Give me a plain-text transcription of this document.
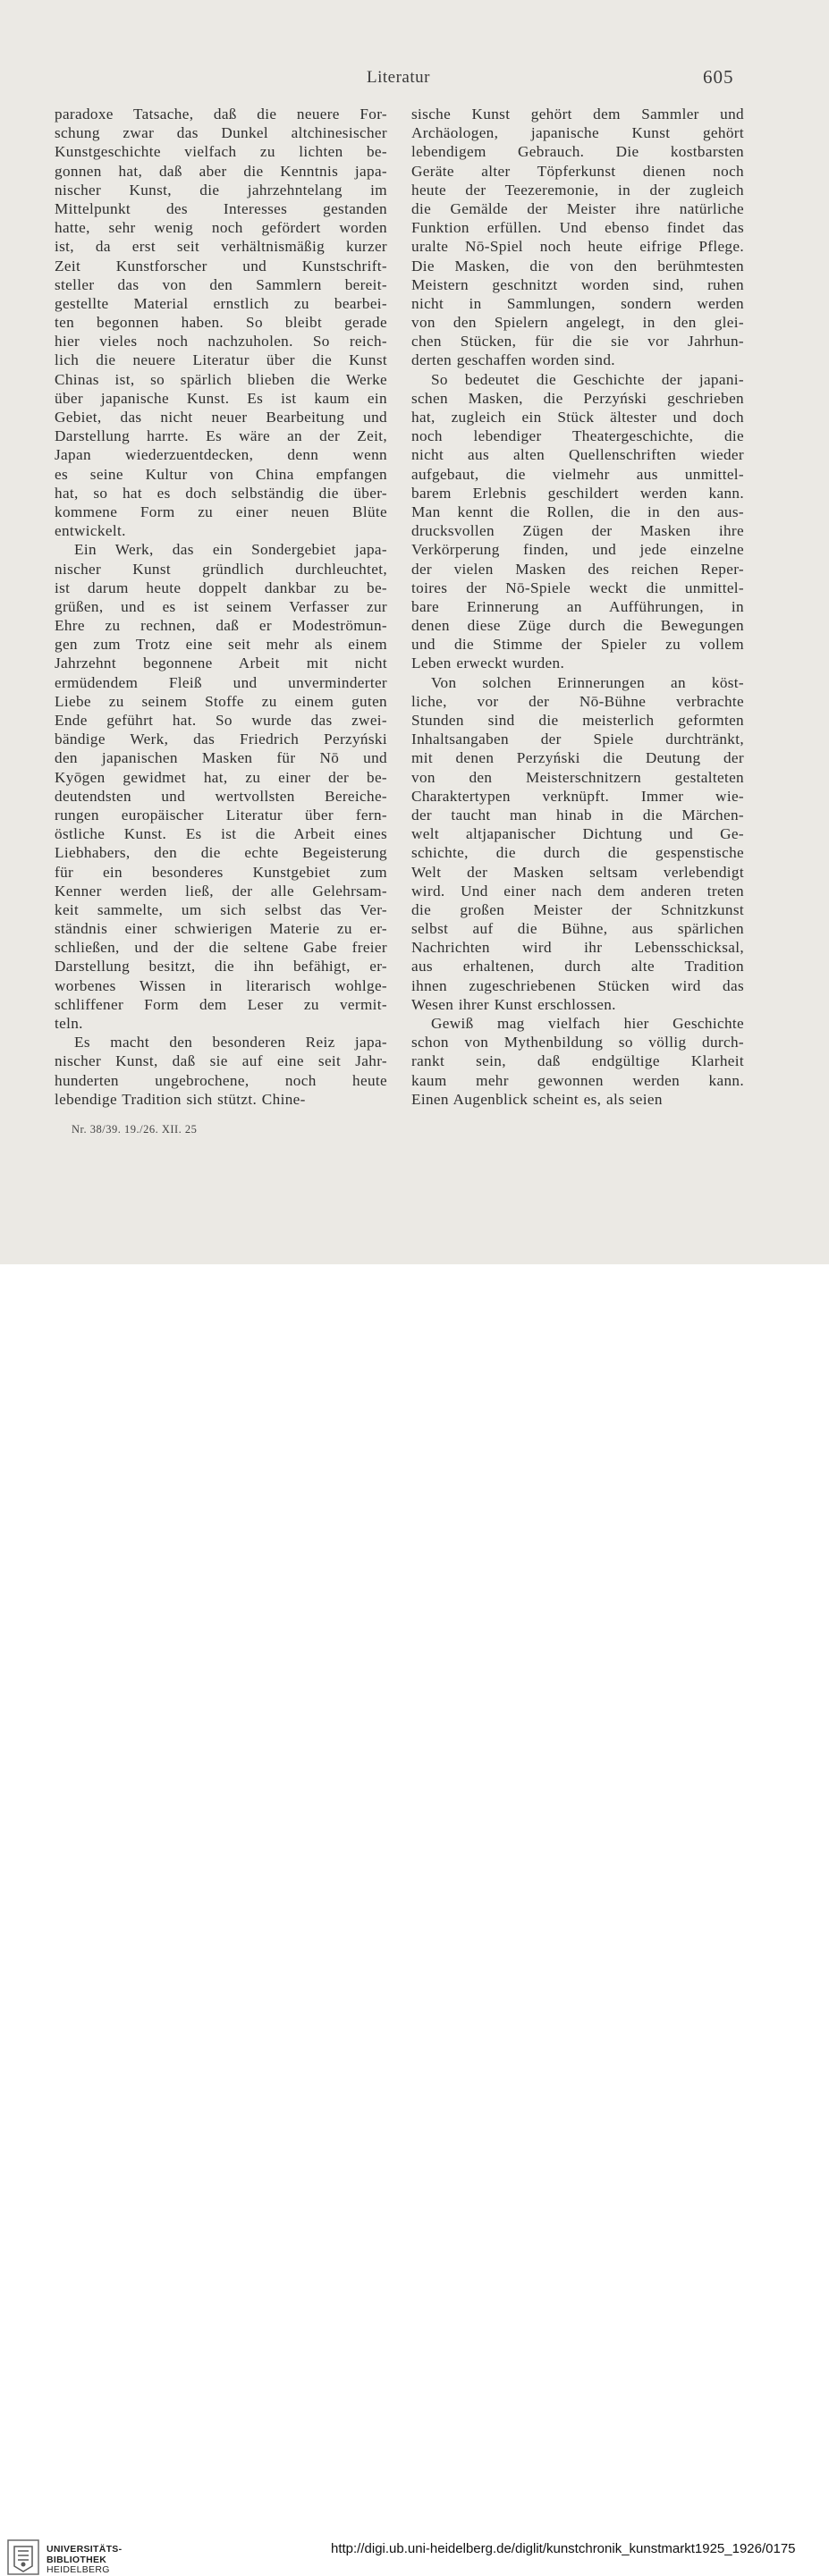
Literatur	605
paradoxe Tatsache, daß die neuere For-
schung zwar das Dunkel altchinesischer
Kunstgeschichte vielfach zu lichten be-
gonnen hat, daß aber die Kenntnis japa-
nischer Kunst, die jahrzehntelang im
Mittelpunkt des Interesses gestanden
hatte, sehr wenig noch gefördert worden
ist, da erst seit verhältnismäßig kurzer
Zeit Kunstforscher und Kunstschrift-
steller das von den Sammlern bereit-
gestellte Material ernstlich zu bearbei-
ten begonnen haben. So bleibt gerade
hier vieles noch nachzuholen. So reich-
lich die neuere Literatur über die Kunst
Chinas ist, so spärlich blieben die Werke
über japanische Kunst. Es ist kaum ein
Gebiet, das nicht neuer Bearbeitung und
Darstellung harrte. Es wäre an der Zeit,
Japan wiederzuentdecken, denn wenn
es seine Kultur von China empfangen
hat, so hat es doch selbständig die über-
kommene Form zu einer neuen Blüte
entwickelt.
Ein Werk, das ein Sondergebiet japa-
nischer Kunst gründlich durchleuchtet,
ist darum heute doppelt dankbar zu be-
grüßen, und es ist seinem Verfasser zur
Ehre zu rechnen, daß er Modeströmun-
gen zum Trotz eine seit mehr als einem
Jahrzehnt begonnene Arbeit mit nicht
ermüdendem Fleiß und unverminderter
Liebe zu seinem Stoffe zu einem guten
Ende geführt hat. So wurde das zwei-
bändige Werk, das Friedrich Perzyński
den japanischen Masken für Nō und
Kyōgen gewidmet hat, zu einer der be-
deutendsten und wertvollsten Bereiche-
rungen europäischer Literatur über fern-
östliche Kunst. Es ist die Arbeit eines
Liebhabers, den die echte Begeisterung
für ein besonderes Kunstgebiet zum
Kenner werden ließ, der alle Gelehrsam-
keit sammelte, um sich selbst das Ver-
ständnis einer schwierigen Materie zu er-
schließen, und der die seltene Gabe freier
Darstellung besitzt, die ihn befähigt, er-
worbenes Wissen in literarisch wohlge-
schliffener Form dem Leser zu vermit-
teln.
Es macht den besonderen Reiz japa-
nischer Kunst, daß sie auf eine seit Jahr-
hunderten ungebrochene, noch heute
lebendige Tradition sich stützt. Chine-
sische Kunst gehört dem Sammler und
Archäologen, japanische Kunst gehört
lebendigem Gebrauch. Die kostbarsten
Geräte alter Töpferkunst dienen noch
heute der Teezeremonie, in der zugleich
die Gemälde der Meister ihre natürliche
Funktion erfüllen. Und ebenso findet das
uralte Nō-Spiel noch heute eifrige Pflege.
Die Masken, die von den berühmtesten
Meistern geschnitzt worden sind, ruhen
nicht in Sammlungen, sondern werden
von den Spielern angelegt, in den glei-
chen Stücken, für die sie vor Jahrhun-
derten geschaffen worden sind.
So bedeutet die Geschichte der japani-
schen Masken, die Perzyński geschrieben
hat, zugleich ein Stück ältester und doch
noch lebendiger Theatergeschichte, die
nicht aus alten Quellenschriften wieder
aufgebaut, die vielmehr aus unmittel-
barem Erlebnis geschildert werden kann.
Man kennt die Rollen, die in den aus-
drucksvollen Zügen der Masken ihre
Verkörperung finden, und jede einzelne
der vielen Masken des reichen Reper-
toires der Nō-Spiele weckt die unmittel-
bare Erinnerung an Aufführungen, in
denen diese Züge durch die Bewegungen
und die Stimme der Spieler zu vollem
Leben erweckt wurden.
Von solchen Erinnerungen an köst-
liche, vor der Nō-Bühne verbrachte
Stunden sind die meisterlich geformten
Inhaltsangaben der Spiele durchtränkt,
mit denen Perzyński die Deutung der
von den Meisterschnitzern gestalteten
Charaktertypen verknüpft. Immer wie-
der taucht man hinab in die Märchen-
welt altjapanischer Dichtung und Ge-
schichte, die durch die gespenstische
Welt der Masken seltsam verlebendigt
wird. Und einer nach dem anderen treten
die großen Meister der Schnitzkunst
selbst auf die Bühne, aus spärlichen
Nachrichten wird ihr Lebensschicksal,
aus erhaltenen, durch alte Tradition
ihnen zugeschriebenen Stücken wird das
Wesen ihrer Kunst erschlossen.
Gewiß mag vielfach hier Geschichte
schon von Mythenbildung so völlig durch-
rankt sein, daß endgültige Klarheit
kaum mehr gewonnen werden kann.
Einen Augenblick scheint es, als seien
Nr. 38/39. 19./26. XII. 25
UNIVERSITÄTS-
BIBLIOTHEK
HEIDELBERG
http://digi.ub.uni-heidelberg.de/diglit/kunstchronik_kunstmarkt1925_1926/0175
